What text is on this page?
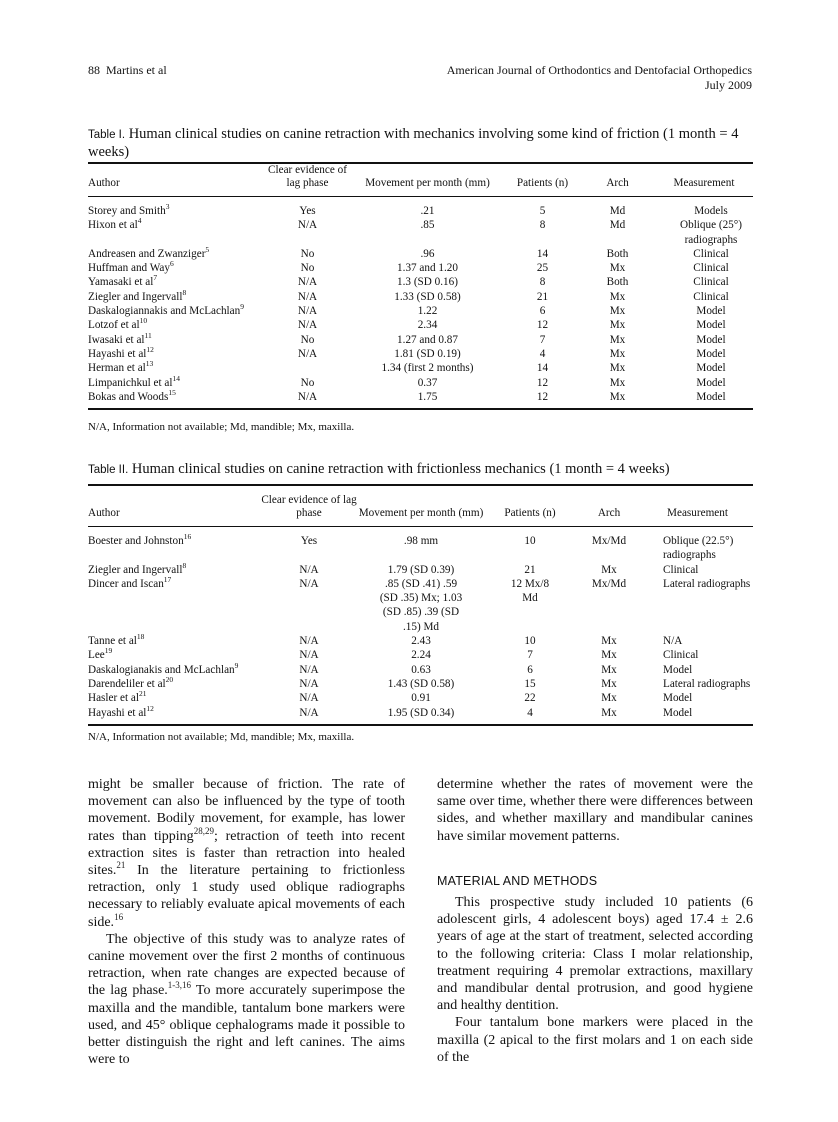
88 Martins et al	American Journal of Orthodontics and Dentofacial Orthopedics
July 2009
Table I. Human clinical studies on canine retraction with mechanics involving some kind of friction (1 month = 4 weeks)
Author	Clear evidence of lag phase	Movement per month (mm)	Patients (n)	Arch	Measurement
Storey and Smith$^3$	Yes	.21	5	Md	Models
Hixon et $al^4$	N/A	.85	8	Md	Oblique (25°) radiographs
Andreasen and Zwanziger$^5$	No	.96	14	Both	Clinical
Huffman and Way$^6$	No	1.37 and 1.20	25	Mx	Clinical
Yamasaki et $al^7$	N/A	1.3 (SD 0.16)	8	Both	Clinical
Ziegler and Ingervall$^8$	N/A	1.33 (SD 0.58)	21	Mx	Clinical
Daskalogiannakis and McLachlan$^9$	N/A	1.22	6	Mx	Model
Lotzof et $al^{10}$	N/A	2.34	12	Mx	Model
Iwasaki et $al^{11}$	No	1.27 and 0.87	7	Mx	Model
Hayashi et $al^{12}$	N/A	1.81 (SD 0.19)	4	Mx	Model
Herman et $al^{13}$		1.34 (first 2 months)	14	Mx	Model
Limpanichkul et $al^{14}$	No	0.37	12	Mx	Model
Bokas and Woods$^{15}$	N/A	1.75	12	Mx	Model
N/A, Information not available; Md, mandible; Mx, maxilla.
Table II. Human clinical studies on canine retraction with frictionless mechanics (1 month = 4 weeks)
Author	Clear evidence of lag phase	Movement per month (mm)	Patients (n)	Arch	Measurement
Boester and Johnston$^{16}$	Yes	.98 mm	10	Mx/Md	Oblique (22.5°) radiographs
Ziegler and Ingervall$^8$	N/A	1.79 (SD 0.39)	21	Mx	Clinical
Dincer and Iscan$^{17}$	N/A	.85 (SD .41) .59 (SD .35) Mx; 1.03 (SD .85) .39 (SD .15) Md	12 Mx/8 Md	Mx/Md	Lateral radiographs
Tanne et $al^{18}$	N/A	2.43	10	Mx	N/A
Lee$^{19}$	N/A	2.24	7	Mx	Clinical
Daskalogianakis and McLachlan$^9$	N/A	0.63	6	Mx	Model
Darendeliler et $al^{20}$	N/A	1.43 (SD 0.58)	15	Mx	Lateral radiographs
Hasler et $al^{21}$	N/A	0.91	22	Mx	Model
Hayashi et $al^{12}$	N/A	1.95 (SD 0.34)	4	Mx	Model
N/A, Information not available; Md, mandible; Mx, maxilla.

might be smaller because of friction. The rate of movement can also be influenced by the type of tooth movement. Bodily movement, for example, has lower rates than tipping$^{28,29}$; retraction of teeth into recent extraction sites is faster than retraction into healed sites.$^{21}$ In the literature pertaining to frictionless retraction, only 1 study used oblique radiographs necessary to reliably evaluate apical movements of each side.$^{16}$

The objective of this study was to analyze rates of canine movement over the first 2 months of continuous retraction, when rate changes are expected because of the lag phase.$^{1-3,16}$ To more accurately superimpose the maxilla and the mandible, tantalum bone markers were used, and 45° oblique cephalograms made it possible to better distinguish the right and left canines. The aims were to

determine whether the rates of movement were the same over time, whether there were differences between sides, and whether maxillary and mandibular canines have similar movement patterns.

MATERIAL AND METHODS

This prospective study included 10 patients (6 adolescent girls, 4 adolescent boys) aged 17.4 ± 2.6 years of age at the start of treatment, selected according to the following criteria: Class I molar relationship, treatment requiring 4 premolar extractions, maxillary and mandibular dental protrusion, and good hygiene and healthy dentition.

Four tantalum bone markers were placed in the maxilla (2 apical to the first molars and 1 on each side of the
